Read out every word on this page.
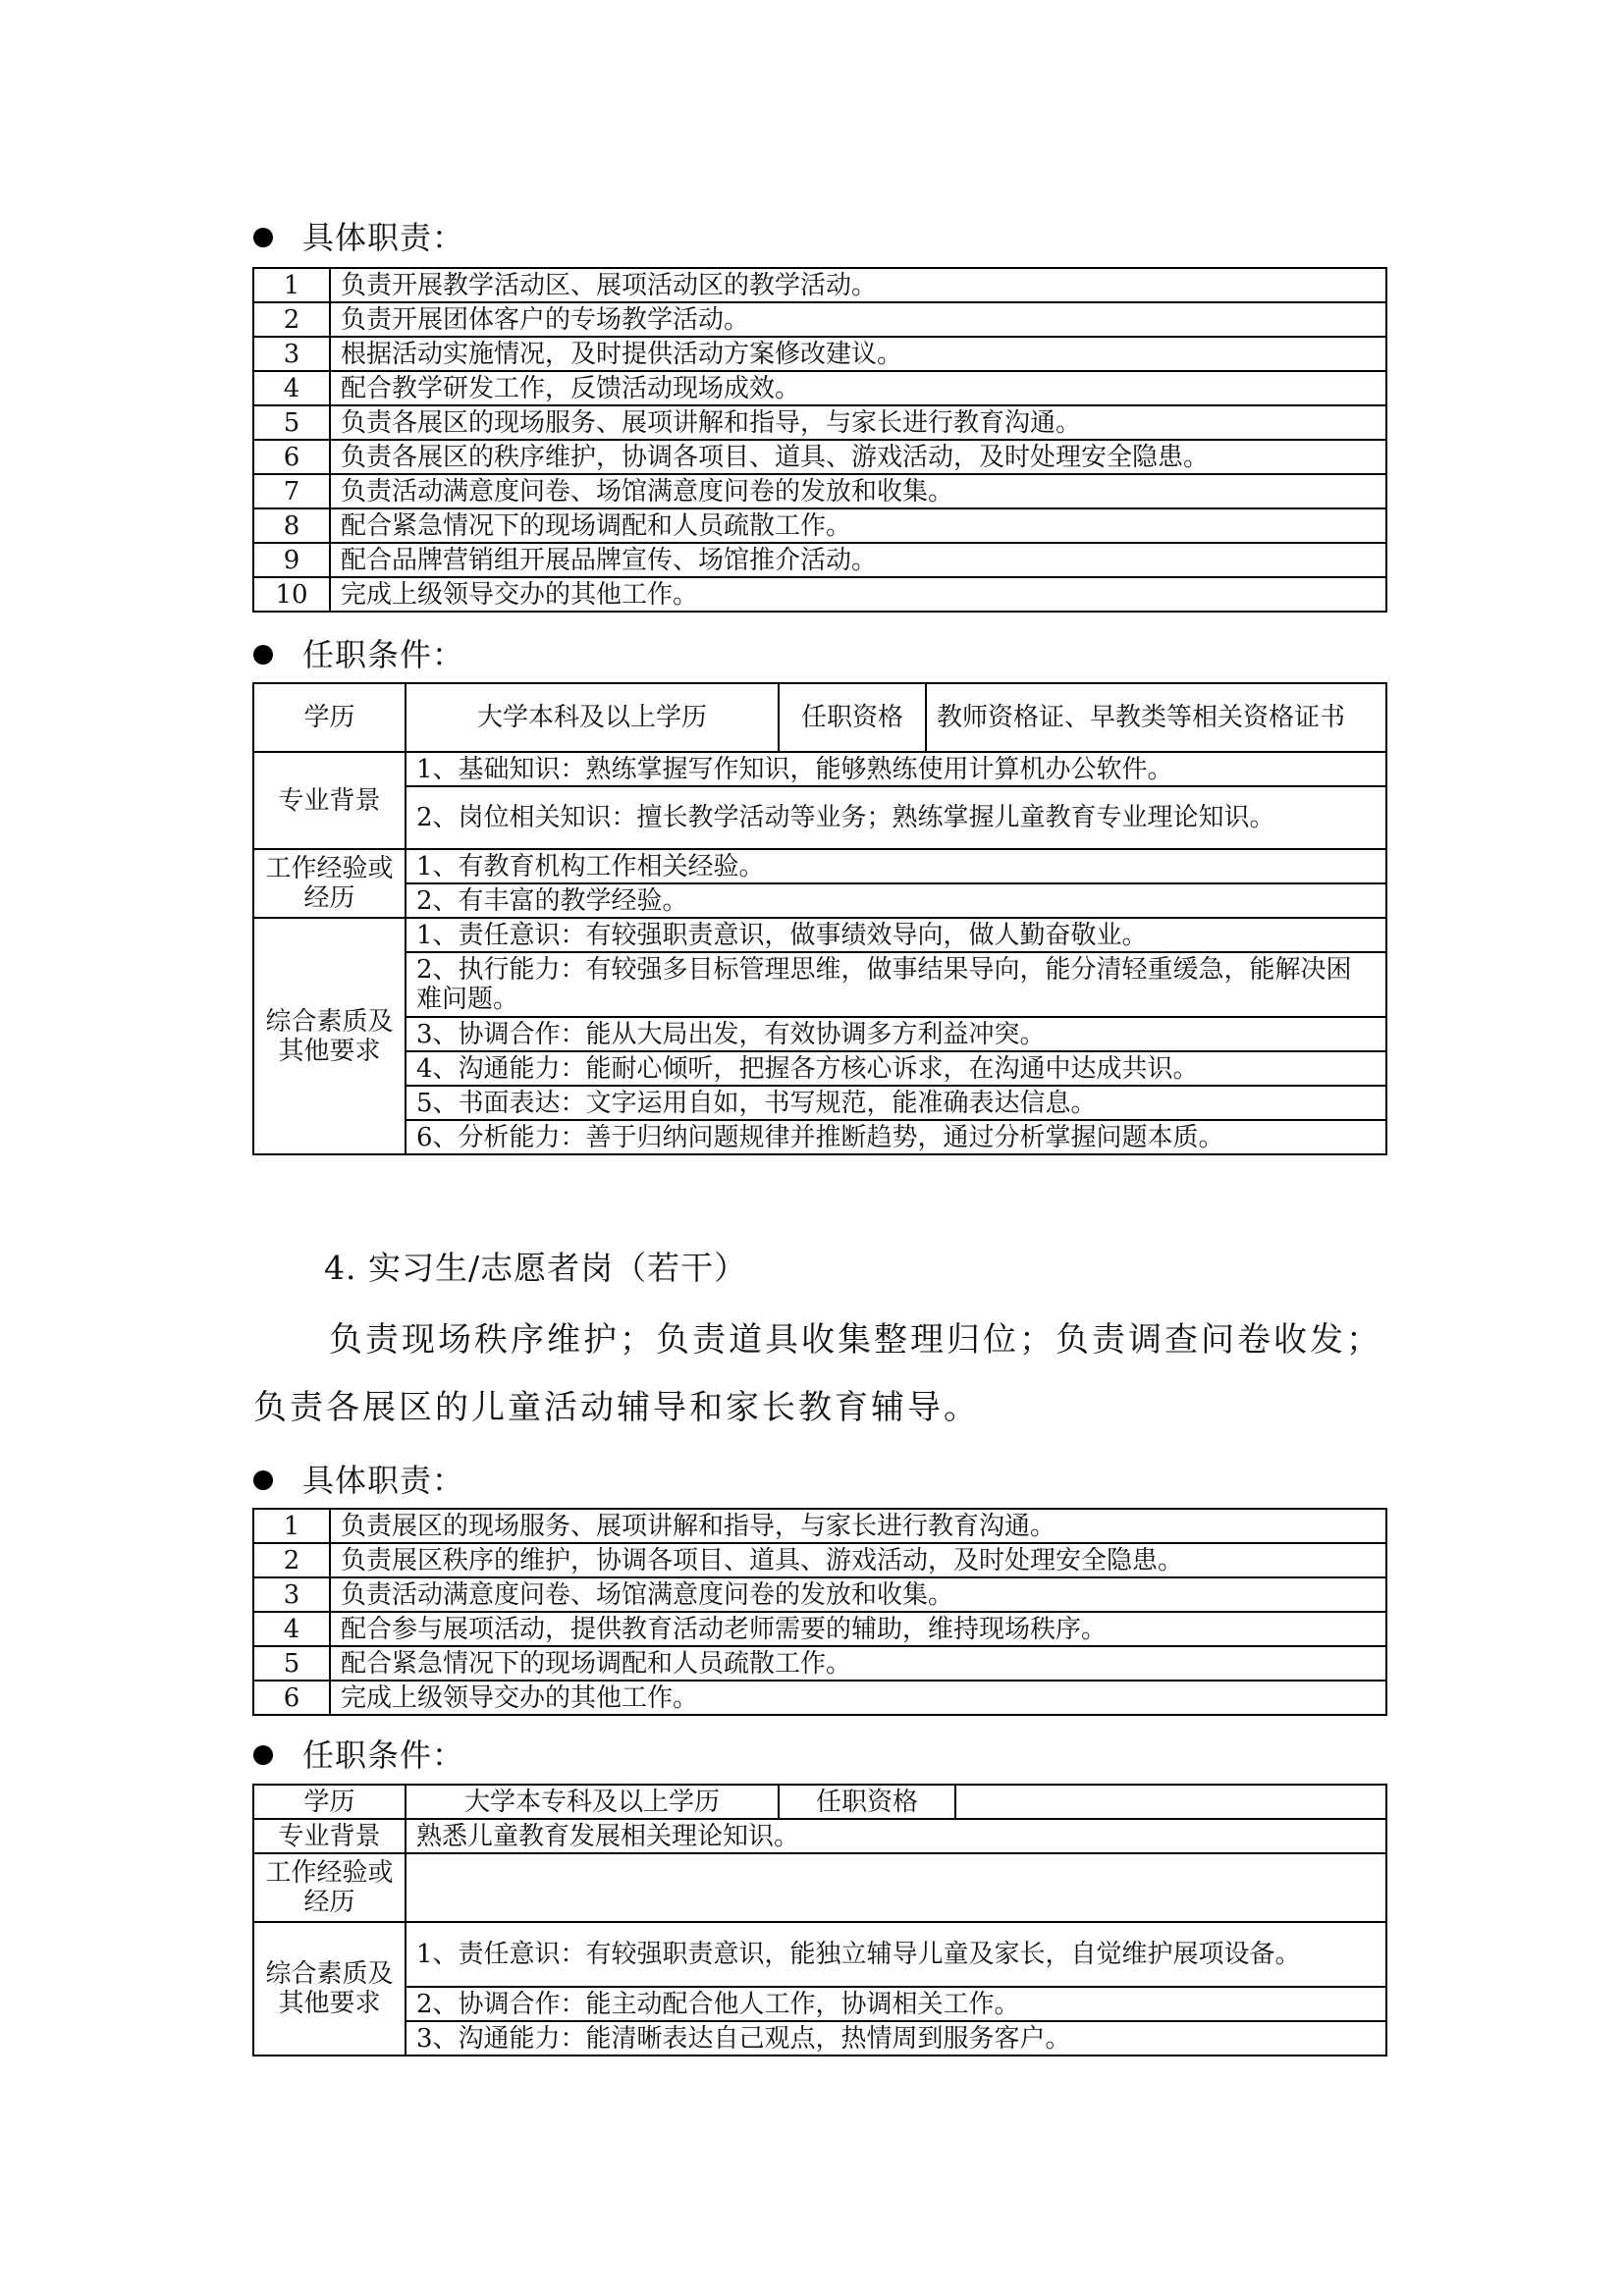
具体职责：
1	负责开展教学活动区、展项活动区的教学活动。
2	负责开展团体客户的专场教学活动。
3	根据活动实施情况，及时提供活动方案修改建议。
4	配合教学研发工作，反馈活动现场成效。
5	负责各展区的现场服务、展项讲解和指导，与家长进行教育沟通。
6	负责各展区的秩序维护，协调各项目、道具、游戏活动，及时处理安全隐患。
7	负责活动满意度问卷、场馆满意度问卷的发放和收集。
8	配合紧急情况下的现场调配和人员疏散工作。
9	配合品牌营销组开展品牌宣传、场馆推介活动。
10	完成上级领导交办的其他工作。
任职条件：
学历	大学本科及以上学历	任职资格	教师资格证、早教类等相关资格证书
专业背景	1、基础知识：熟练掌握写作知识，能够熟练使用计算机办公软件。		
	2、岗位相关知识：擅长教学活动等业务；熟练掌握儿童教育专业理论知识。		
工作经验或经历	1、有教育机构工作相关经验。		
	2、有丰富的教学经验。		
综合素质及其他要求	1、责任意识：有较强职责意识，做事绩效导向，做人勤奋敬业。		
	2、执行能力：有较强多目标管理思维，做事结果导向，能分清轻重缓急，能解决困难问题。		
	3、协调合作：能从大局出发，有效协调多方利益冲突。		
	4、沟通能力：能耐心倾听，把握各方核心诉求，在沟通中达成共识。		
	5、书面表达：文字运用自如，书写规范，能准确表达信息。		
	6、分析能力：善于归纳问题规律并推断趋势，通过分析掌握问题本质。		
4. 实习生/志愿者岗（若干）
负责现场秩序维护；负责道具收集整理归位；负责调查问卷收发；
负责各展区的儿童活动辅导和家长教育辅导。
具体职责：
1	负责展区的现场服务、展项讲解和指导，与家长进行教育沟通。
2	负责展区秩序的维护，协调各项目、道具、游戏活动，及时处理安全隐患。
3	负责活动满意度问卷、场馆满意度问卷的发放和收集。
4	配合参与展项活动，提供教育活动老师需要的辅助，维持现场秩序。
5	配合紧急情况下的现场调配和人员疏散工作。
6	完成上级领导交办的其他工作。
任职条件：
学历	大学本专科及以上学历	任职资格	
专业背景	熟悉儿童教育发展相关理论知识。		
工作经验或经历			
综合素质及其他要求	1、责任意识：有较强职责意识，能独立辅导儿童及家长，自觉维护展项设备。		
	2、协调合作：能主动配合他人工作，协调相关工作。		
	3、沟通能力：能清晰表达自己观点，热情周到服务客户。		
